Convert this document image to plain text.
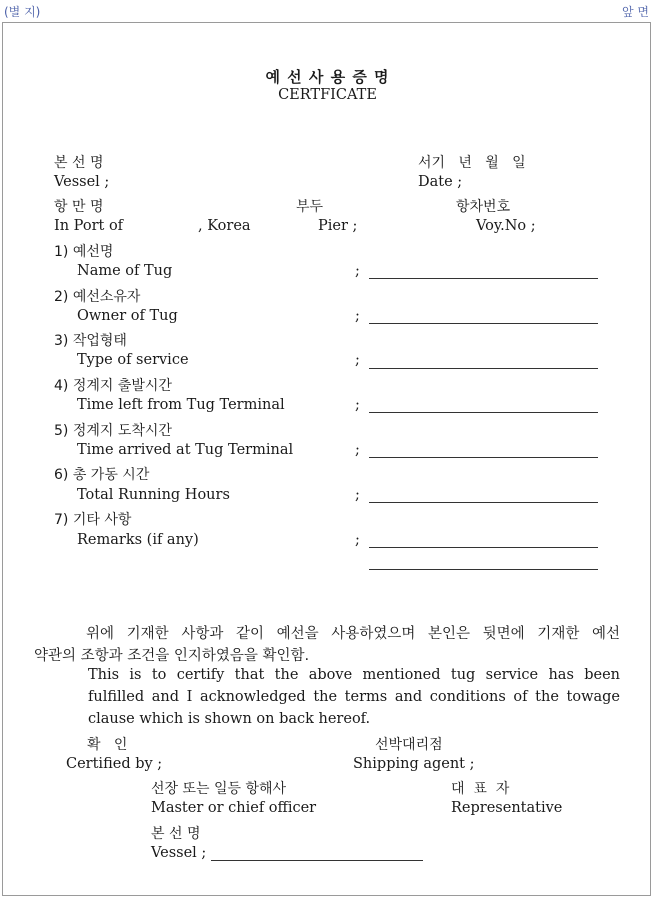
(별 지)	앞 면
예 선 사 용 증 명
CERTFICATE
본 선 명	서기   년   월   일
Vessel ;	Date ;
항 만 명	부두	항차번호
In Port of	, Korea	Pier ;	Voy.No ;
1) 예선명
Name of Tug	;
2) 예선소유자
Owner of Tug	;
3) 작업형태
Type of service	;
4) 정계지 출발시간
Time left from Tug Terminal	;
5) 정계지 도착시간
Time arrived at Tug Terminal	;
6) 총 가동 시간
Total Running Hours	;
7) 기타 사항
Remarks (if any)	;
위에 기재한 사항과 같이 예선을 사용하였으며 본인은 뒷면에 기재한 예선
약관의 조항과 조건을 인지하였음을 확인함.
This is to certify that the above mentioned tug service has been
fulfilled and I acknowledged the terms and conditions of the towage
clause which is shown on back hereof.
확   인	선박대리점
Certified by ;	Shipping agent ;
선장 또는 일등 항해사	대  표  자
Master or chief officer	Representative
본 선 명
Vessel ;
